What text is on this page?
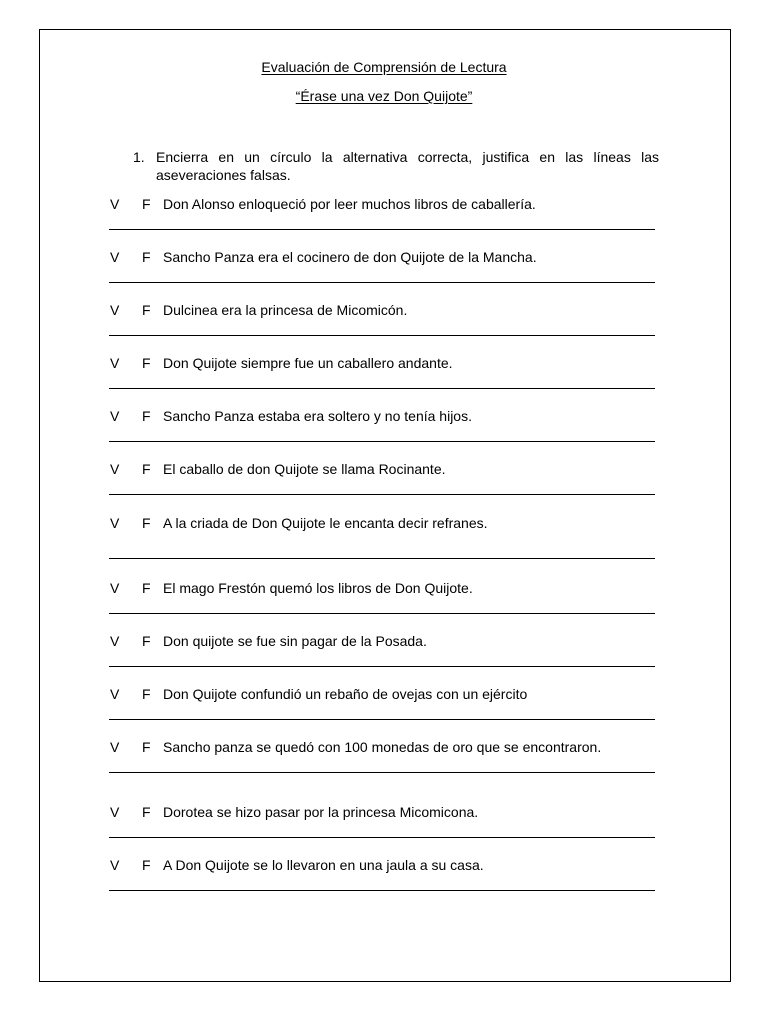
Evaluación de Comprensión de Lectura
“Érase una vez Don Quijote”
1. Encierra en un círculo la alternativa correcta, justifica en las líneas las aseveraciones falsas.
V F Don Alonso enloqueció por leer muchos libros de caballería.
V F Sancho Panza era el cocinero de don Quijote de la Mancha.
V F Dulcinea era la princesa de Micomicón.
V F Don Quijote siempre fue un caballero andante.
V F Sancho Panza estaba era soltero y no tenía hijos.
V F El caballo de don Quijote se llama Rocinante.
V F A la criada de Don Quijote le encanta decir refranes.
V F El mago Frestón quemó los libros de Don Quijote.
V F Don quijote se fue sin pagar de la Posada.
V F Don Quijote confundió un rebaño de ovejas con un ejército
V F Sancho panza se quedó con 100 monedas de oro que se encontraron.
V F Dorotea se hizo pasar por la princesa Micomicona.
V F A Don Quijote se lo llevaron en una jaula a su casa.
